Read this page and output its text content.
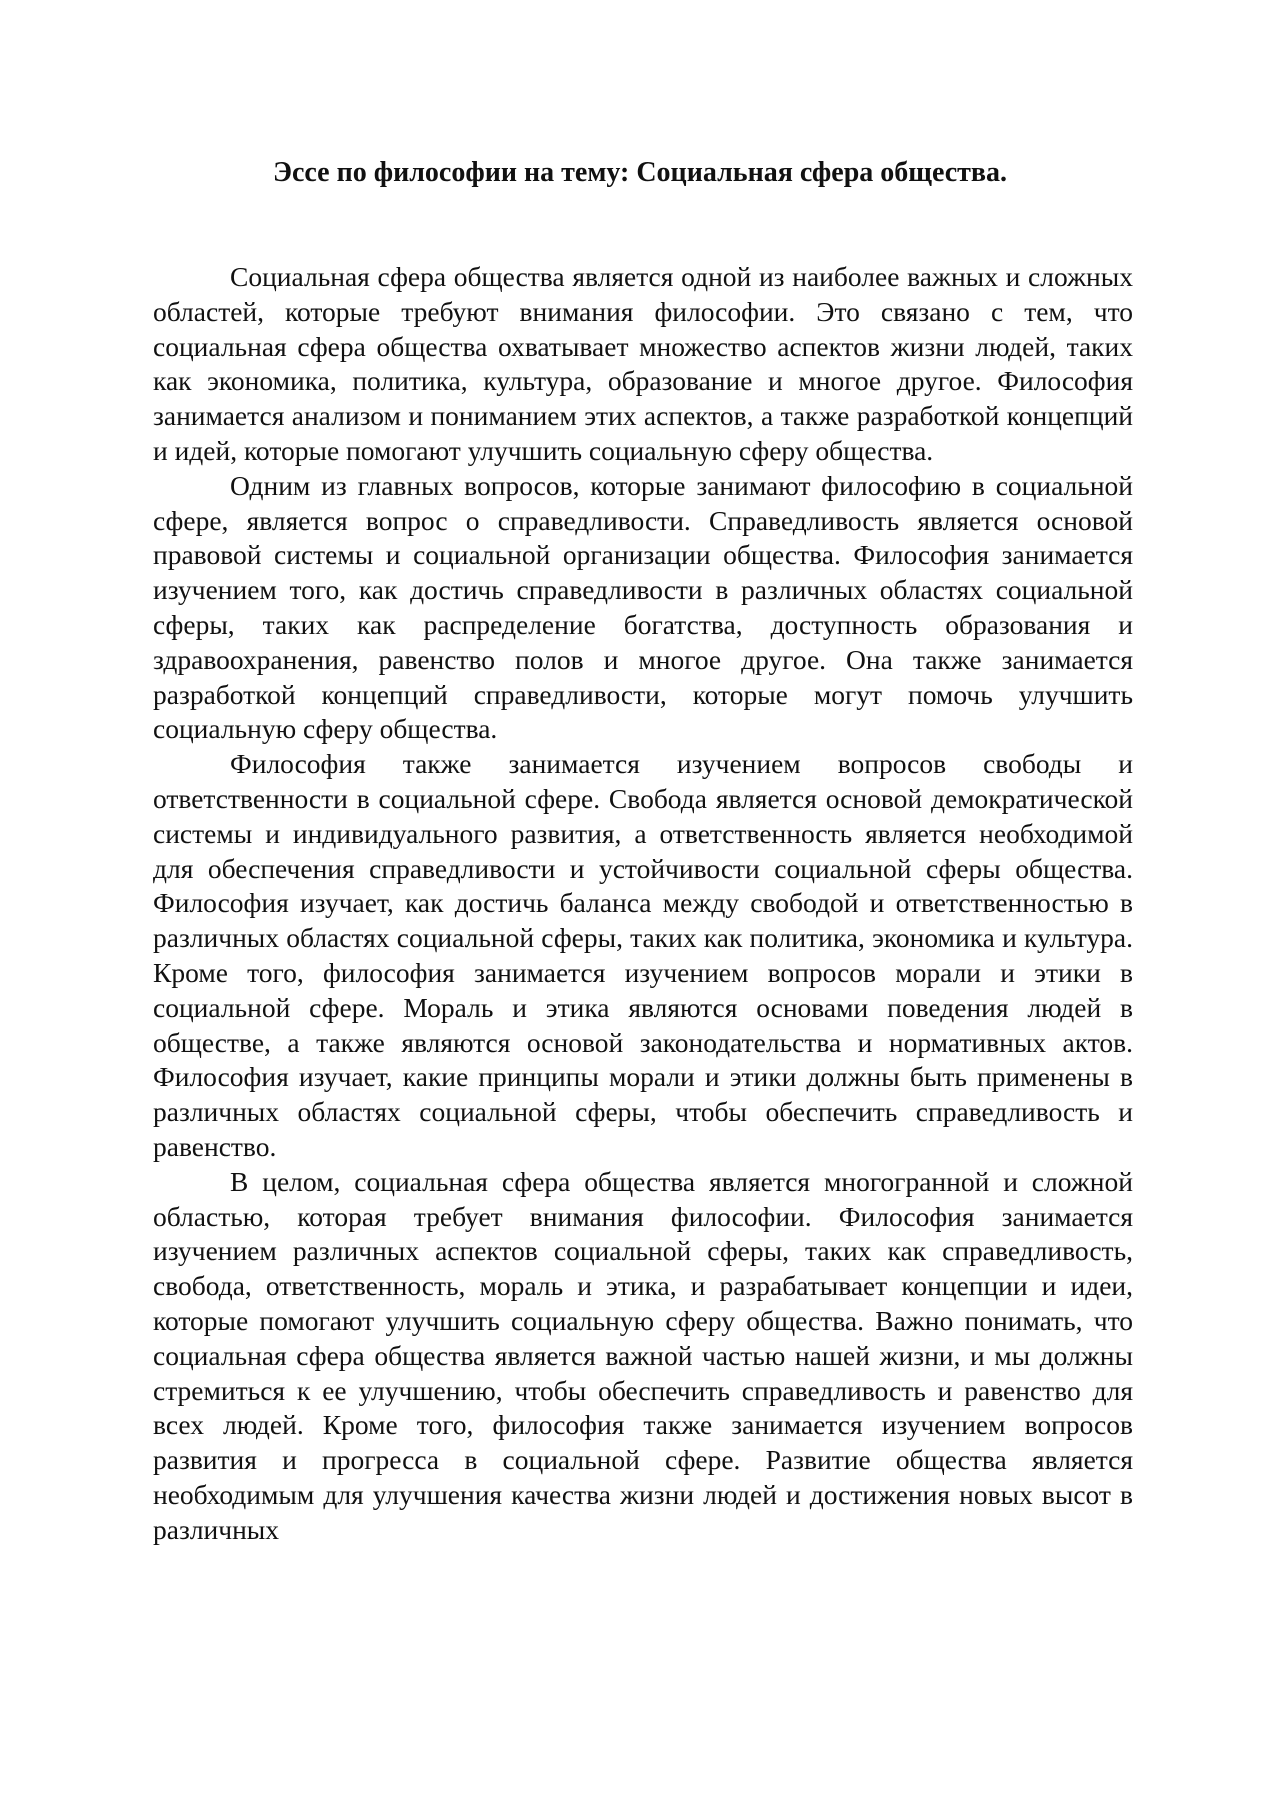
Эссе по философии на тему: Социальная сфера общества.

Социальная сфера общества является одной из наиболее важных и сложных областей, которые требуют внимания философии. Это связано с тем, что социальная сфера общества охватывает множество аспектов жизни людей, таких как экономика, политика, культура, образование и многое другое. Философия занимается анализом и пониманием этих аспектов, а также разработкой концепций и идей, которые помогают улучшить социальную сферу общества.

Одним из главных вопросов, которые занимают философию в социальной сфере, является вопрос о справедливости. Справедливость является основой правовой системы и социальной организации общества. Философия занимается изучением того, как достичь справедливости в различных областях социальной сферы, таких как распределение богатства, доступность образования и здравоохранения, равенство полов и многое другое. Она также занимается разработкой концепций справедливости, которые могут помочь улучшить социальную сферу общества.

Философия также занимается изучением вопросов свободы и ответственности в социальной сфере. Свобода является основой демократической системы и индивидуального развития, а ответственность является необходимой для обеспечения справедливости и устойчивости социальной сферы общества. Философия изучает, как достичь баланса между свободой и ответственностью в различных областях социальной сферы, таких как политика, экономика и культура. Кроме того, философия занимается изучением вопросов морали и этики в социальной сфере. Мораль и этика являются основами поведения людей в обществе, а также являются основой законодательства и нормативных актов. Философия изучает, какие принципы морали и этики должны быть применены в различных областях социальной сферы, чтобы обеспечить справедливость и равенство.

В целом, социальная сфера общества является многогранной и сложной областью, которая требует внимания философии. Философия занимается изучением различных аспектов социальной сферы, таких как справедливость, свобода, ответственность, мораль и этика, и разрабатывает концепции и идеи, которые помогают улучшить социальную сферу общества. Важно понимать, что социальная сфера общества является важной частью нашей жизни, и мы должны стремиться к ее улучшению, чтобы обеспечить справедливость и равенство для всех людей. Кроме того, философия также занимается изучением вопросов развития и прогресса в социальной сфере. Развитие общества является необходимым для улучшения качества жизни людей и достижения новых высот в различных
